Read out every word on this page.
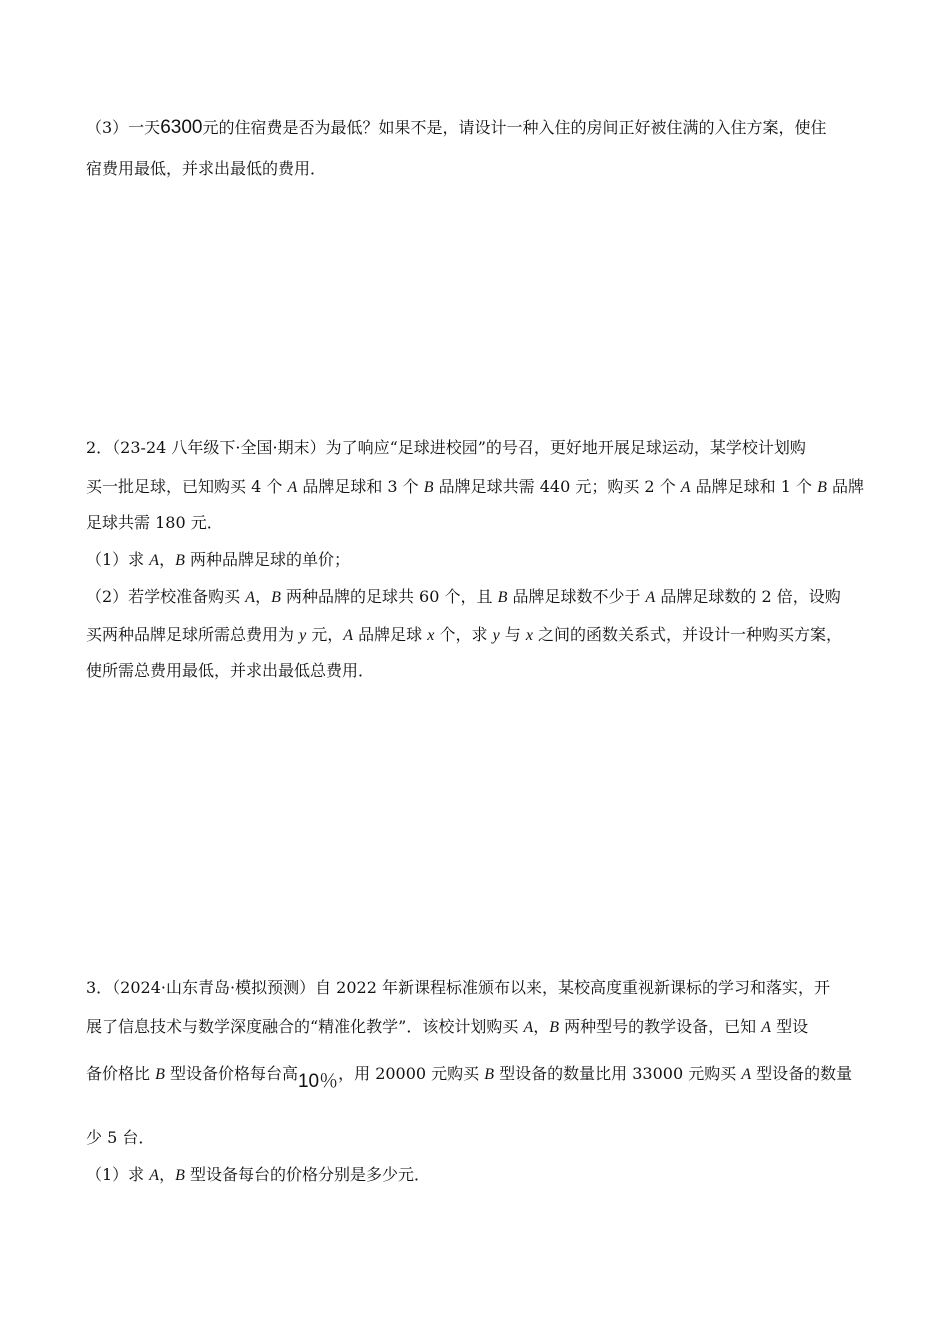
（3）一天6300元的住宿费是否为最低？如果不是，请设计一种入住的房间正好被住满的入住方案，使住
宿费用最低，并求出最低的费用．
2．（23-24 八年级下·全国·期末）为了响应“足球进校园”的号召，更好地开展足球运动，某学校计划购
买一批足球，已知购买 4 个 A 品牌足球和 3 个 B 品牌足球共需 440 元；购买 2 个 A 品牌足球和 1 个 B 品牌
足球共需 180 元．
（1）求 A，B 两种品牌足球的单价；
（2）若学校准备购买 A，B 两种品牌的足球共 60 个，且 B 品牌足球数不少于 A 品牌足球数的 2 倍，设购
买两种品牌足球所需总费用为 y 元，A 品牌足球 x 个，求 y 与 x 之间的函数关系式，并设计一种购买方案，
使所需总费用最低，并求出最低总费用．
3．（2024·山东青岛·模拟预测）自 2022 年新课程标准颁布以来，某校高度重视新课标的学习和落实，开
展了信息技术与数学深度融合的“精准化教学”．该校计划购买 A，B 两种型号的教学设备，已知 A 型设
备价格比 B 型设备价格每台高10％，用 20000 元购买 B 型设备的数量比用 33000 元购买 A 型设备的数量
少 5 台．
（1）求 A，B 型设备每台的价格分别是多少元．
